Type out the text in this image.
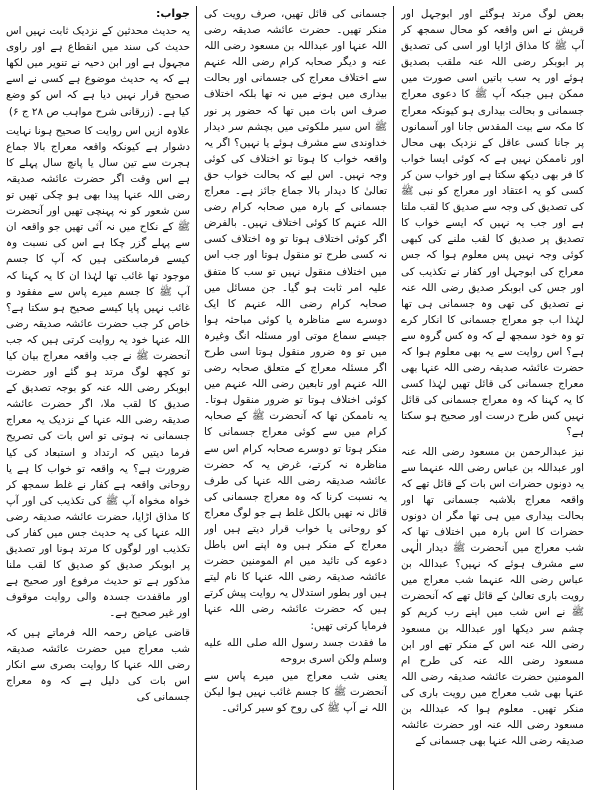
بعض لوگ مرتد ہوگئے اور ابوجہل اور قریش نے اس واقعہ کو محال سمجھ کر آپ ﷺ کا مذاق اڑایا اور اسی کی تصدیق پر ابوبکر رضی اللہ عنہ ملقب بصدیق ہوئے اور یہ سب باتیں اسی صورت میں ممکن ہیں جبکہ آپ ﷺ کا دعوی معراج جسمانی و بحالت بیداری ہو کیونکہ معراج کا مکہ سے بیت المقدس جانا اور آسمانوں پر جانا کسی عاقل کے نزدیک بھی محال اور ناممکن نہیں ہے کہ کوئی ایسا خواب کا فر بھی دیکھ سکتا ہے اور خواب سن کر کسی کو یہ اعتقاد اور معراج کو نبی ﷺ کی تصدیق کی وجہ سے صدیق کا لقب ملتا ہے اور جب یہ نہیں کہ ایسے خواب کا تصدیق پر صدیق کا لقب ملنے کی کبھی کوئی وجہ نہیں پس معلوم ہوا کہ جس معراج کی ابوجہل اور کفار نے تکذیب کی اور جس کی ابوبکر صدیق رضی اللہ عنہ نے تصدیق کی تھی وہ جسمانی ہی تھا لہٰذا اب جو معراج جسمانی کا انکار کرے تو وہ خود سمجھ لے کہ وہ کس گروہ سے ہے؟ اس روایت سے یہ بھی معلوم ہوا کہ حضرت عائشہ صدیقہ رضی اللہ عنہا بھی معراج جسمانی کی قائل تھیں لہٰذا کسی کا یہ کہنا کہ وہ معراج جسمانی کی قائل نہیں کس طرح درست اور صحیح ہو سکتا ہے؟

نیز عبدالرحمن بن مسعود رضی اللہ عنہ اور عبداللہ بن عباس رضی اللہ عنہما سے یہ دونوں حضرات اس بات کے قائل تھے کہ واقعہ معراج بلاشبہ جسمانی تھا اور بحالت بیداری میں ہی تھا مگر ان دونوں حضرات کا اس بارہ میں اختلاف تھا کہ شب معراج میں آنحضرت ﷺ دیدار الٰہی سے مشرف ہوئے کہ نہیں؟ عبداللہ بن عباس رضی اللہ عنہما شب معراج میں رویت باری تعالیٰ کے قائل تھے کہ آنحضرت ﷺ نے اس شب میں اپنے رب کریم کو چشم سر دیکھا اور عبداللہ بن مسعود رضی اللہ عنہ اس کے منکر تھے اور ابن مسعود رضی اللہ عنہ کی طرح ام المومنین حضرت عائشہ صدیقہ رضی اللہ عنہا بھی شب معراج میں رویت باری کی منکر تھیں۔ معلوم ہوا کہ عبداللہ بن مسعود رضی اللہ عنہ اور حضرت عائشہ صدیقہ رضی اللہ عنہا بھی جسمانی کے

جسمانی کی قائل تھیں، صرف رویت کی منکر تھیں۔ حضرت عائشہ صدیقہ رضی اللہ عنہا اور عبداللہ بن مسعود رضی اللہ عنہ و دیگر صحابہ کرام رضی اللہ عنہم سے اختلاف معراج کی جسمانی اور بحالت بیداری میں ہونے میں نہ تھا بلکہ اختلاف صرف اس بات میں تھا کہ حضور پر نور ﷺ اس سیر ملکوتی میں بچشم سر دیدار خداوندی سے مشرف ہوئے یا نہیں؟ اگر یہ واقعہ خواب کا ہوتا تو اختلاف کی کوئی وجہ نہیں۔ اس لیے کہ بحالت خواب حق تعالیٰ کا دیدار بالا جماع جائز ہے۔ معراج جسمانی کے بارہ میں صحابہ کرام رضی اللہ عنہم کا کوئی اختلاف نہیں۔ بالفرض اگر کوئی اختلاف ہوتا تو وہ اختلاف کسی نہ کسی طرح تو منقول ہوتا اور جب اس میں اختلاف منقول نہیں تو سب کا متفق علیہ امر ثابت ہو گیا۔ جن مسائل میں صحابہ کرام رضی اللہ عنہم کا ایک دوسرے سے مناظرہ یا کوئی مباحثہ ہوا جیسے سماع موتی اور مسئلہ انگ وغیرہ میں تو وہ ضرور منقول ہوتا اسی طرح اگر مسئلہ معراج کے متعلق صحابہ رضی اللہ عنہم اور تابعین رضی اللہ عنہم میں کوئی اختلاف ہوتا تو ضرور منقول ہوتا۔ یہ ناممکن تھا کہ آنحضرت ﷺ کے صحابہ کرام میں سے کوئی معراج جسمانی کا منکر ہوتا تو دوسرے صحابہ کرام اس سے مناظرہ نہ کرتے، غرض یہ کہ حضرت عائشہ صدیقہ رضی اللہ عنہا کی طرف یہ نسبت کرنا کہ وہ معراج جسمانی کی قائل نہ تھیں بالکل غلط ہے جو لوگ معراج کو روحانی یا خواب قرار دیتے ہیں اور معراج کے منکر ہیں وہ اپنے اس باطل دعوے کی تائید میں ام المومنین حضرت عائشہ صدیقہ رضی اللہ عنہا کا نام لیتے ہیں اور بطور استدلال یہ روایت پیش کرتے ہیں کہ حضرت عائشہ رضی اللہ عنہا فرمایا کرتی تھیں:

ما فقدت جسد رسول الله صلی الله علیه وسلم ولکن اسری بروحه

یعنی شب معراج میں میرے پاس سے آنحضرت ﷺ کا جسم غائب نہیں ہوا لیکن اللہ نے آپ ﷺ کی روح کو سیر کرائی۔

جواب:

یہ حدیث محدثین کے نزدیک ثابت نہیں اس حدیث کی سند میں انقطاع ہے اور راوی مجہول ہے اور ابن دحیہ نے تنویر میں لکھا ہے کہ یہ حدیث موضوع ہے کسی نے اسے صحیح قرار نہیں دیا ہے کہ اس کو وضع کیا ہے۔ (زرقانی شرح مواہب ص ۲۸ ج ۶)

علاوہ ازیں اس روایت کا صحیح ہونا نہایت دشوار ہے کیونکہ واقعہ معراج بالا جماع ہجرت سے تین سال یا پانچ سال پہلے کا ہے اس وقت اگر حضرت عائشہ صدیقہ رضی اللہ عنہا پیدا بھی ہو چکی تھیں تو سن شعور کو نہ پہنچی تھیں اور آنحضرت ﷺ کے نکاح میں نہ آئی تھیں جو واقعہ ان سے پہلے گزر چکا ہے اس کی نسبت وہ کیسے فرماسکتی ہیں کہ آپ کا جسم موجود تھا غائب تھا لہٰذا ان کا یہ کہنا کہ آپ ﷺ کا جسم میرے پاس سے مفقود و غائب نہیں پایا کیسے صحیح ہو سکتا ہے؟ خاص کر جب حضرت عائشہ صدیقہ رضی اللہ عنہا خود یہ روایت کرتی ہیں کہ جب آنحضرت ﷺ نے جب واقعہ معراج بیان کیا تو کچھ لوگ مرتد ہو گئے اور حضرت ابوبکر رضی اللہ عنہ کو بوجہ تصدیق کے صدیق کا لقب ملا، اگر حضرت عائشہ صدیقہ رضی اللہ عنہا کے نزدیک یہ معراج جسمانی نہ ہوتی تو اس بات کی تصریح فرما دیتیں کہ ارتداد و استبعاد کی کیا ضرورت ہے؟ یہ واقعہ تو خواب کا ہے یا روحانی واقعہ ہے کفار نے غلط سمجھ کر خواہ مخواہ آپ ﷺ کی تکذیب کی اور آپ کا مذاق اڑایا، حضرت عائشہ صدیقہ رضی اللہ عنہا کی یہ حدیث جس میں کفار کی تکذیب اور لوگوں کا مرتد ہونا اور تصدیق پر ابوبکر صدیق کو صدیق کا لقب ملنا مذکور ہے تو حدیث مرفوع اور صحیح ہے اور ماقفدت جسدہ والی روایت موقوف اور غیر صحیح ہے۔

قاضی عیاض رحمہ اللہ فرماتے ہیں کہ شب معراج میں حضرت عائشہ صدیقہ رضی اللہ عنہا کا روایت بصری سے انکار اس بات کی دلیل ہے کہ وہ معراج جسمانی کی
